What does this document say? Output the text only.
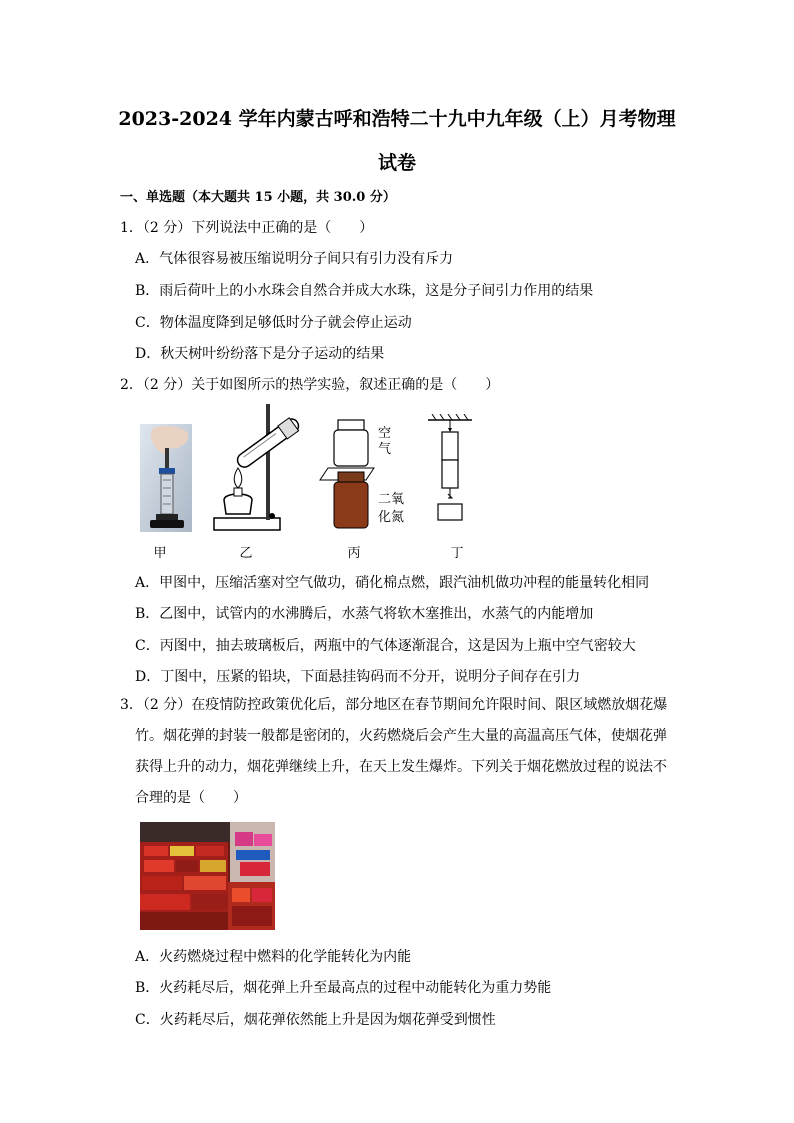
2023-2024 学年内蒙古呼和浩特二十九中九年级（上）月考物理
试卷
一、单选题（本大题共 15 小题，共 30.0 分）
1．（2 分）下列说法中正确的是（　　）
A．气体很容易被压缩说明分子间只有引力没有斥力
B．雨后荷叶上的小水珠会自然合并成大水珠，这是分子间引力作用的结果
C．物体温度降到足够低时分子就会停止运动
D．秋天树叶纷纷落下是分子运动的结果
2．（2 分）关于如图所示的热学实验，叙述正确的是（　　）
空
气
二氧
化氮
甲	乙	丙	丁
A．甲图中，压缩活塞对空气做功，硝化棉点燃，跟汽油机做功冲程的能量转化相同
B．乙图中，试管内的水沸腾后，水蒸气将软木塞推出，水蒸气的内能增加
C．丙图中，抽去玻璃板后，两瓶中的气体逐渐混合，这是因为上瓶中空气密较大
D．丁图中，压紧的铅块，下面悬挂钩码而不分开，说明分子间存在引力
3．（2 分）在疫情防控政策优化后，部分地区在春节期间允许限时间、限区域燃放烟花爆
竹。烟花弹的封装一般都是密闭的，火药燃烧后会产生大量的高温高压气体，使烟花弹
获得上升的动力，烟花弹继续上升，在天上发生爆炸。下列关于烟花燃放过程的说法不
合理的是（　　）
A．火药燃烧过程中燃料的化学能转化为内能
B．火药耗尽后，烟花弹上升至最高点的过程中动能转化为重力势能
C．火药耗尽后，烟花弹依然能上升是因为烟花弹受到惯性
